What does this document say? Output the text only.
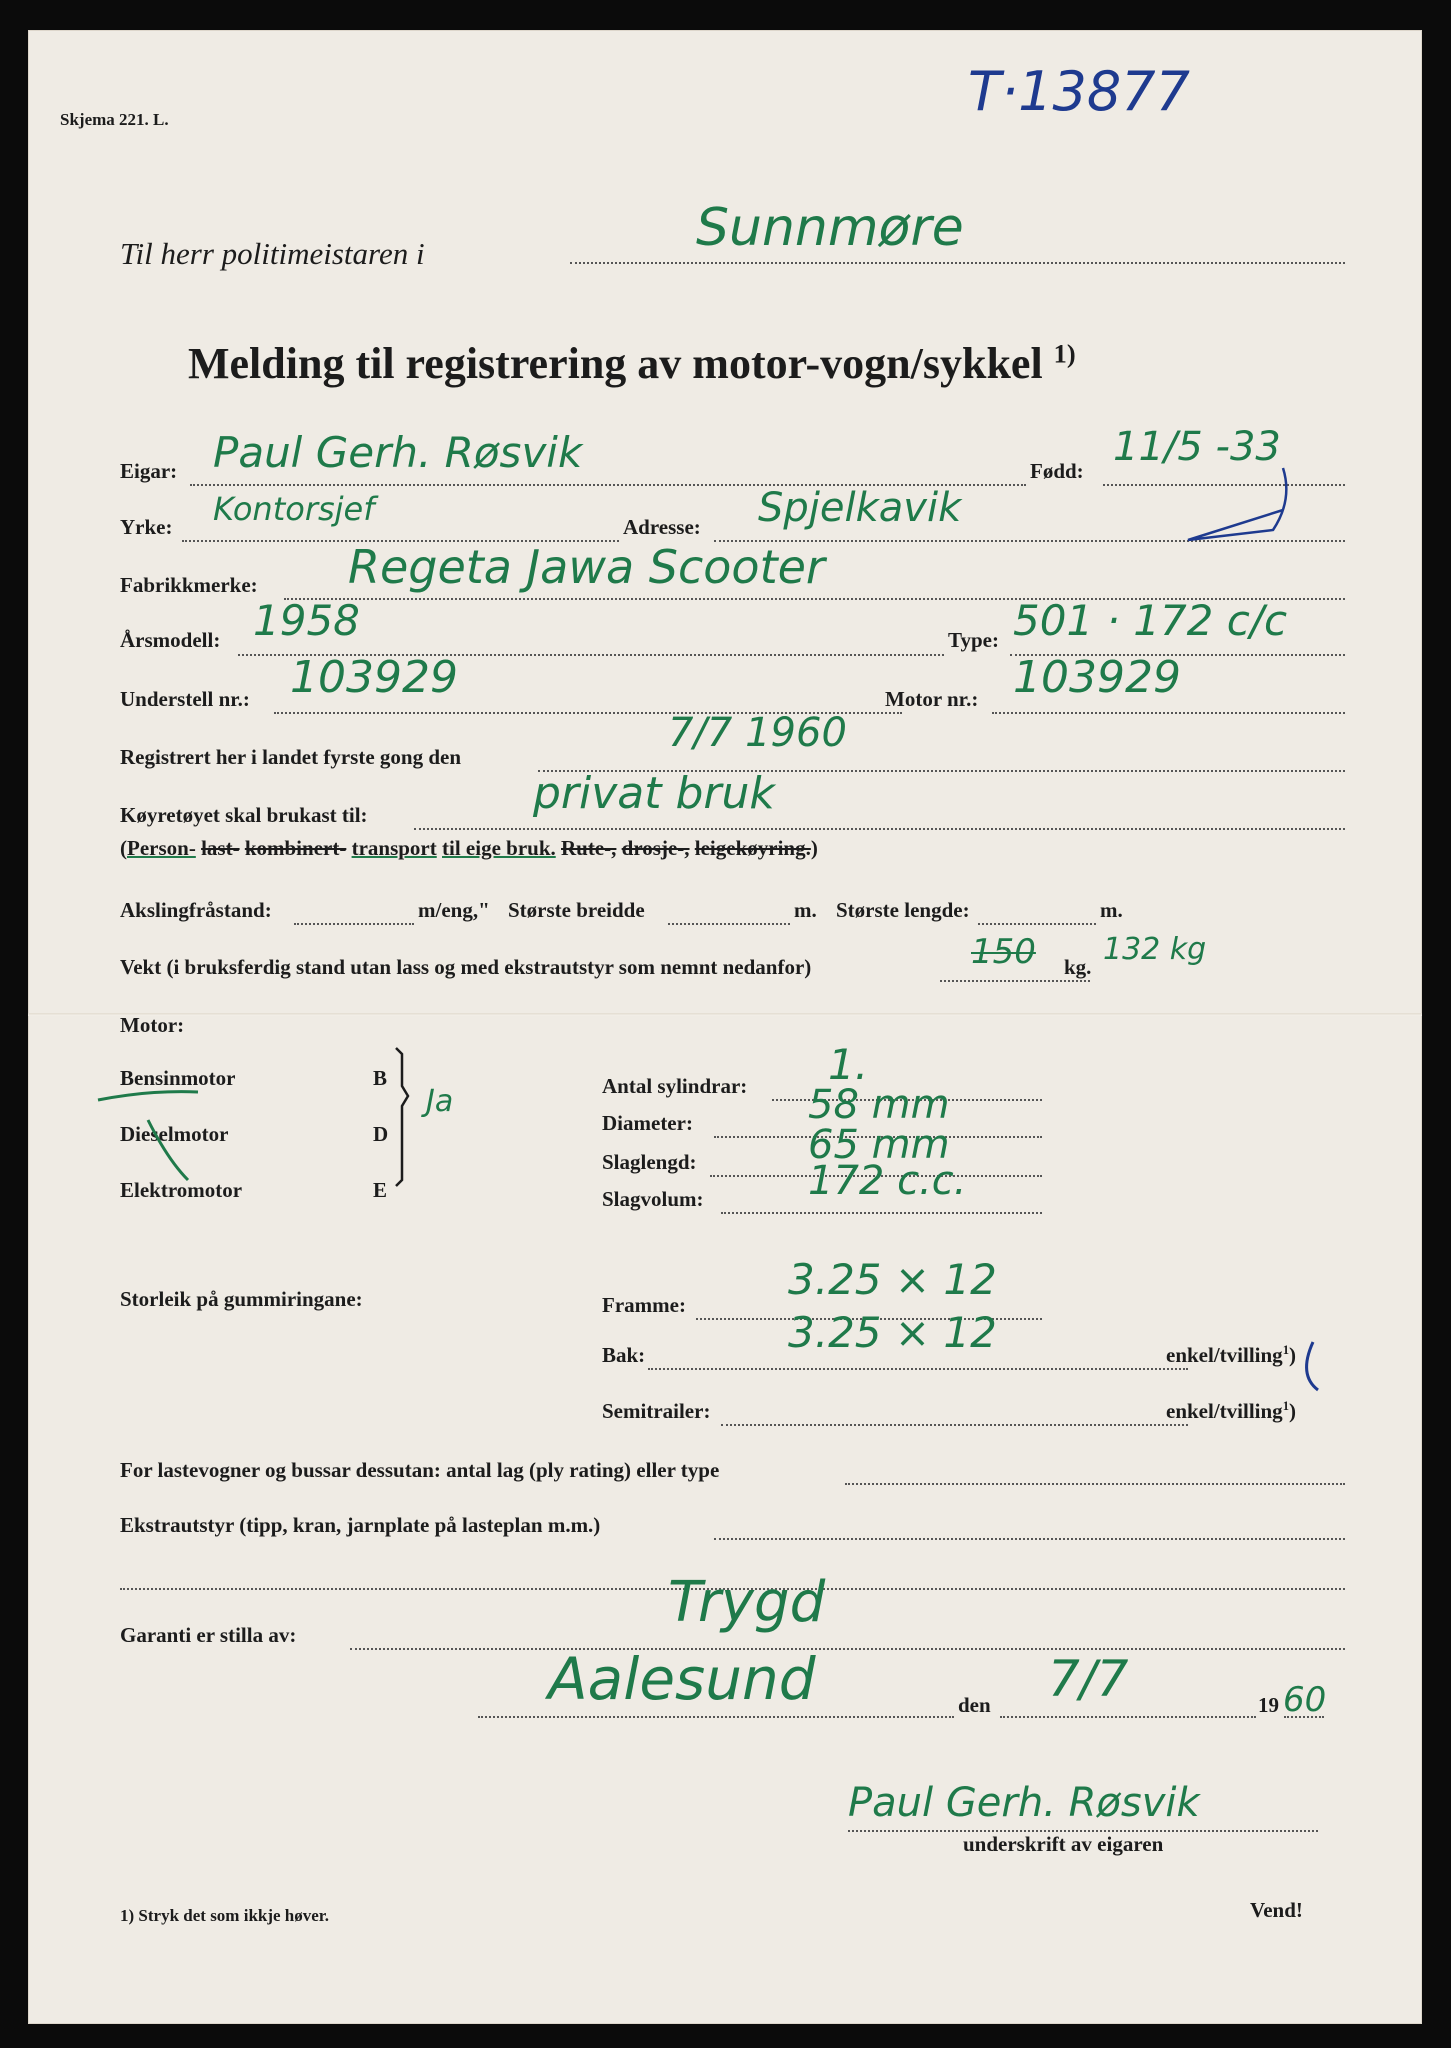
Skjema 221. L.	T·13877
Til herr politimeistaren i	Sunnmøre
Melding til registrering av motor-vogn/sykkel $^{1)}$
Eigar: Paul Gerh. Røsvik	Fødd:
11/5 -33
Yrke: Kontorsjef	Adresse: Spjelkavik
Fabrikkmerke: Regeta Jawa Scooter
Årsmodell: 1958	Type: 501 · 172 c/c
Understell nr.: 103929	Motor nr.: 103929
Registrert her i landet fyrste gong den
7/7 1960
Køyretøyet skal brukast til:	privat bruk
(Person- last- kombinert- transport til eige bruk. Rute-, drosje-, leigekøyring.)
Akslingfråstand:	m/eng," Største breidde	m. Største lengde:	m.
Vekt (i bruksferdig stand utan lass og med ekstrautstyr som nemnt nedanfor)	150 kg. 132 kg
Motor:
Bensinmotor	B
Dieselmotor	D
Elektromotor	E
Ja	Antal sylindrar: 1.
Diameter:	58 mm
Slaglengd:	65 mm
Slagvolum:	172 c.c.
Storleik på gummiringane:	Framme:
3.25 × 12
Bak:	3.25 × 12	enkel/tvilling$^1$)
Semitrailer:	enkel/tvilling$^1$)
For lastevogner og bussar dessutan: antal lag (ply rating) eller type
Ekstrautstyr (tipp, kran, jarnplate på lasteplan m.m.)
Garanti er stilla av:	Trygd
Aalesund	den 7/7	19 60
Paul Gerh. Røsvik
underskrift av eigaren
1) Stryk det som ikkje høver.	Vend!
